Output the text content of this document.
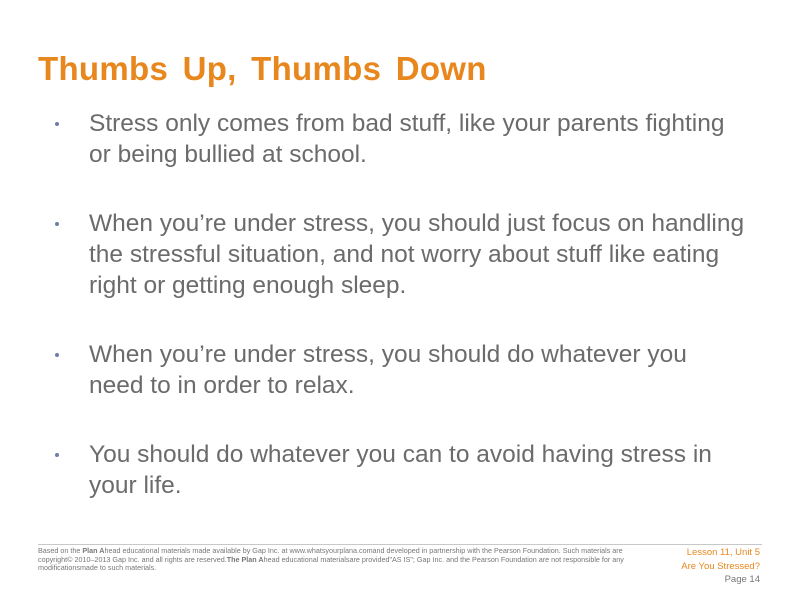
Thumbs Up, Thumbs Down
Stress only comes from bad stuff, like your parents fighting or being bullied at school.
When you’re under stress, you should just focus on handling the stressful situation, and not worry about stuff like eating right or getting enough sleep.
When you’re under stress, you should do whatever you need to in order to relax.
You should do whatever you can to avoid having stress in your life.
Based on the Plan Ahead educational materials made available by Gap Inc. at www.whatsyourplana.comand developed in partnership with the Pearson Foundation. Such materials are copyright© 2010–2013 Gap Inc. and all rights are reserved.The Plan Ahead educational materialsare provided"AS IS"; Gap Inc. and the Pearson Foundation are not responsible for any modificationsmade to such materials.
Lesson 11, Unit 5
Are You Stressed?
Page 14
